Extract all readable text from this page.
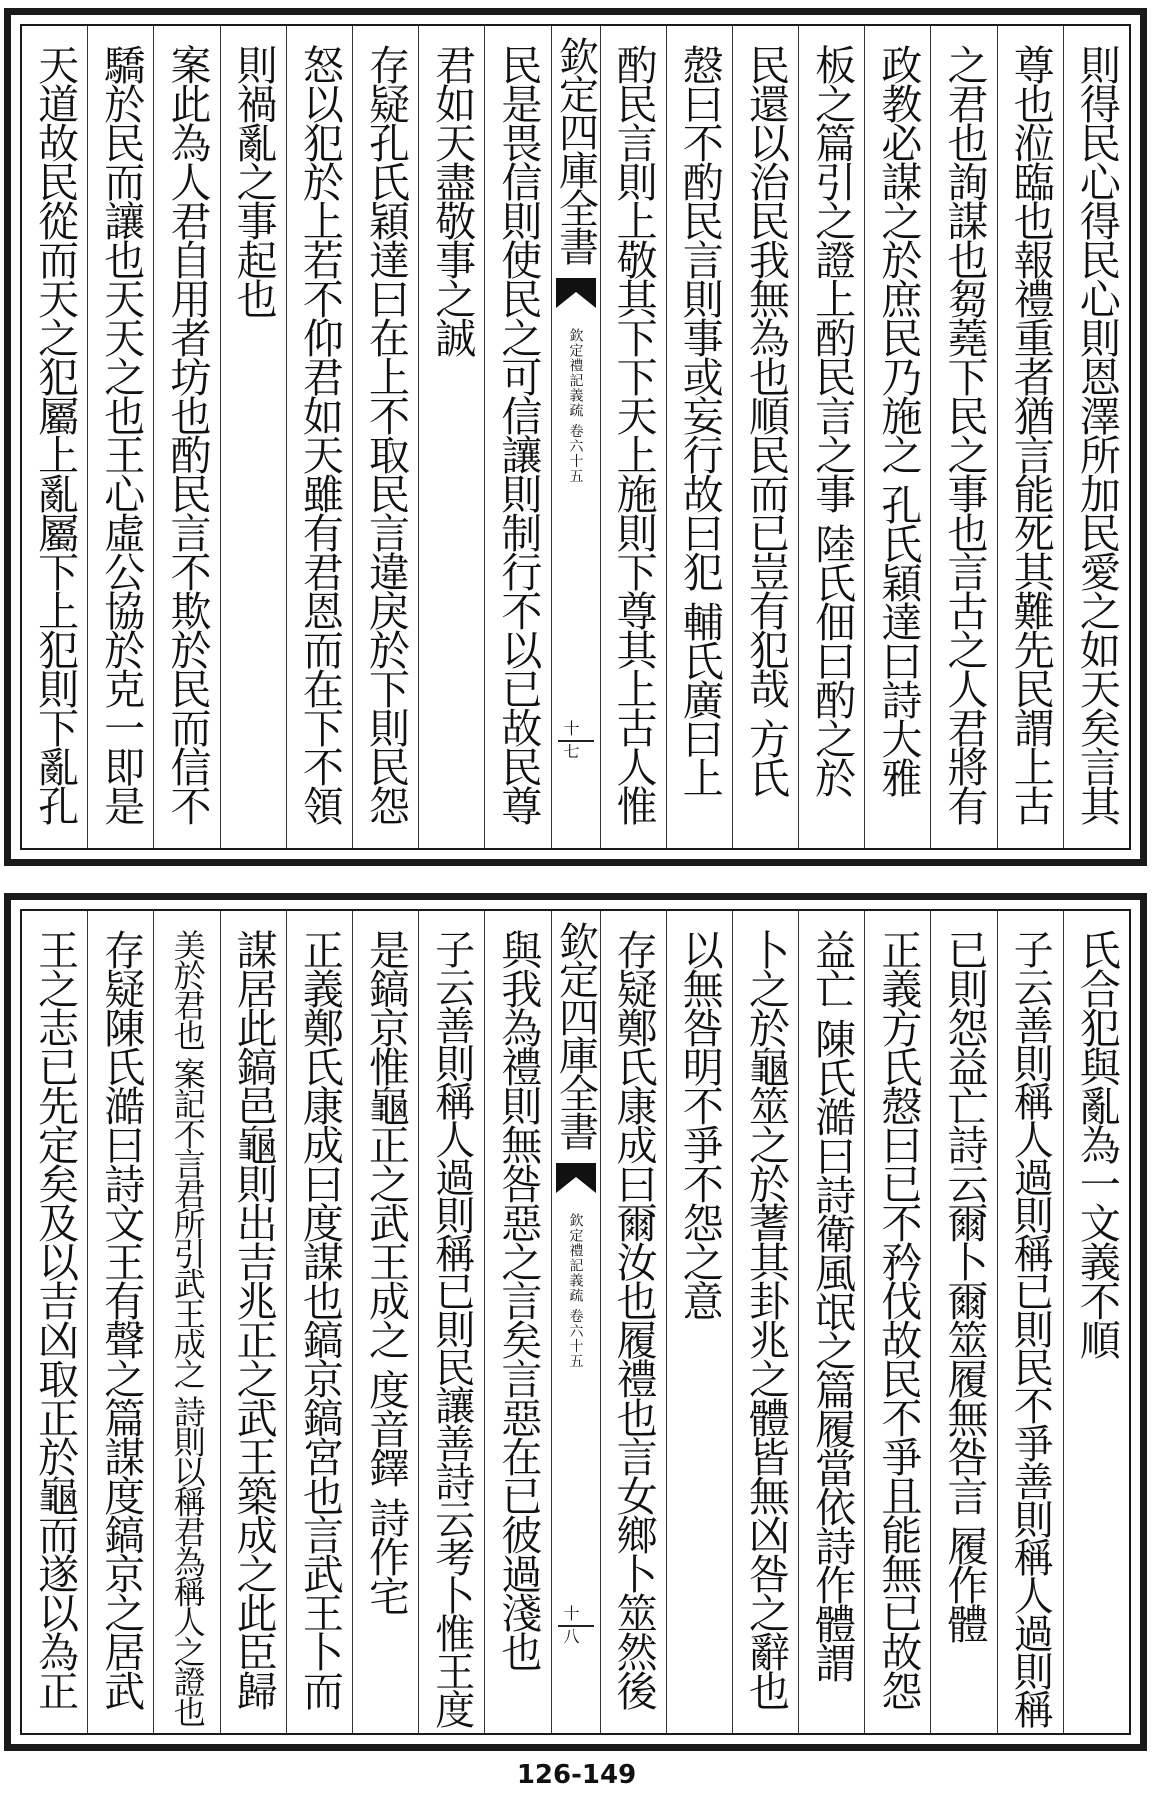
則得民心得民心則恩澤所加民愛之如天矣言其
尊也涖臨也報禮重者猶言能死其難先民謂上古
之君也詢謀也芻蕘下民之事也言古之人君將有
政教必謀之於庶民乃施之 孔氏穎達曰詩大雅
板之篇引之證上酌民言之事 陸氏佃曰酌之於
民還以治民我無為也順民而已豈有犯哉 方氏
慤曰不酌民言則事或妄行故曰犯 輔氏廣曰上
酌民言則上敬其下下天上施則下尊其上古人惟
欽定四庫全書
欽定禮記義疏 卷六十五
十七
民是畏信則使民之可信讓則制行不以已故民尊
君如天盡敬事之誠
存疑孔氏穎達曰在上不取民言違戾於下則民怨
怒以犯於上若不仰君如天雖有君恩而在下不領
則禍亂之事起也
案此為人君自用者坊也酌民言不欺於民而信不
驕於民而讓也天天之也王心虛公協於克一即是
天道故民從而天之犯屬上亂屬下上犯則下亂孔
氏合犯與亂為一文義不順
子云善則稱人過則稱已則民不爭善則稱人過則稱
已則怨益亡詩云爾卜爾筮履無咎言 履作體
正義方氏慤曰已不矜伐故民不爭且能無已故怨
益亡 陳氏澔曰詩衛風氓之篇履當依詩作體謂
卜之於龜筮之於蓍其卦兆之體皆無凶咎之辭也
以無咎明不爭不怨之意
存疑鄭氏康成曰爾汝也履禮也言女鄉卜筮然後
欽定四庫全書
欽定禮記義疏 卷六十五
十八
與我為禮則無咎惡之言矣言惡在已彼過淺也
子云善則稱人過則稱已則民讓善詩云考卜惟王度
是鎬京惟龜正之武王成之 度音鐸 詩作宅
正義鄭氏康成曰度謀也鎬京鎬宮也言武王卜而
謀居此鎬邑龜則出吉兆正之武王築成之此臣歸
美於君也 案記不言君所引武王成之 詩則以稱君為稱人之證也
存疑陳氏澔曰詩文王有聲之篇謀度鎬京之居武
王之志已先定矣及以吉凶取正於龜而遂以為正
126-149
